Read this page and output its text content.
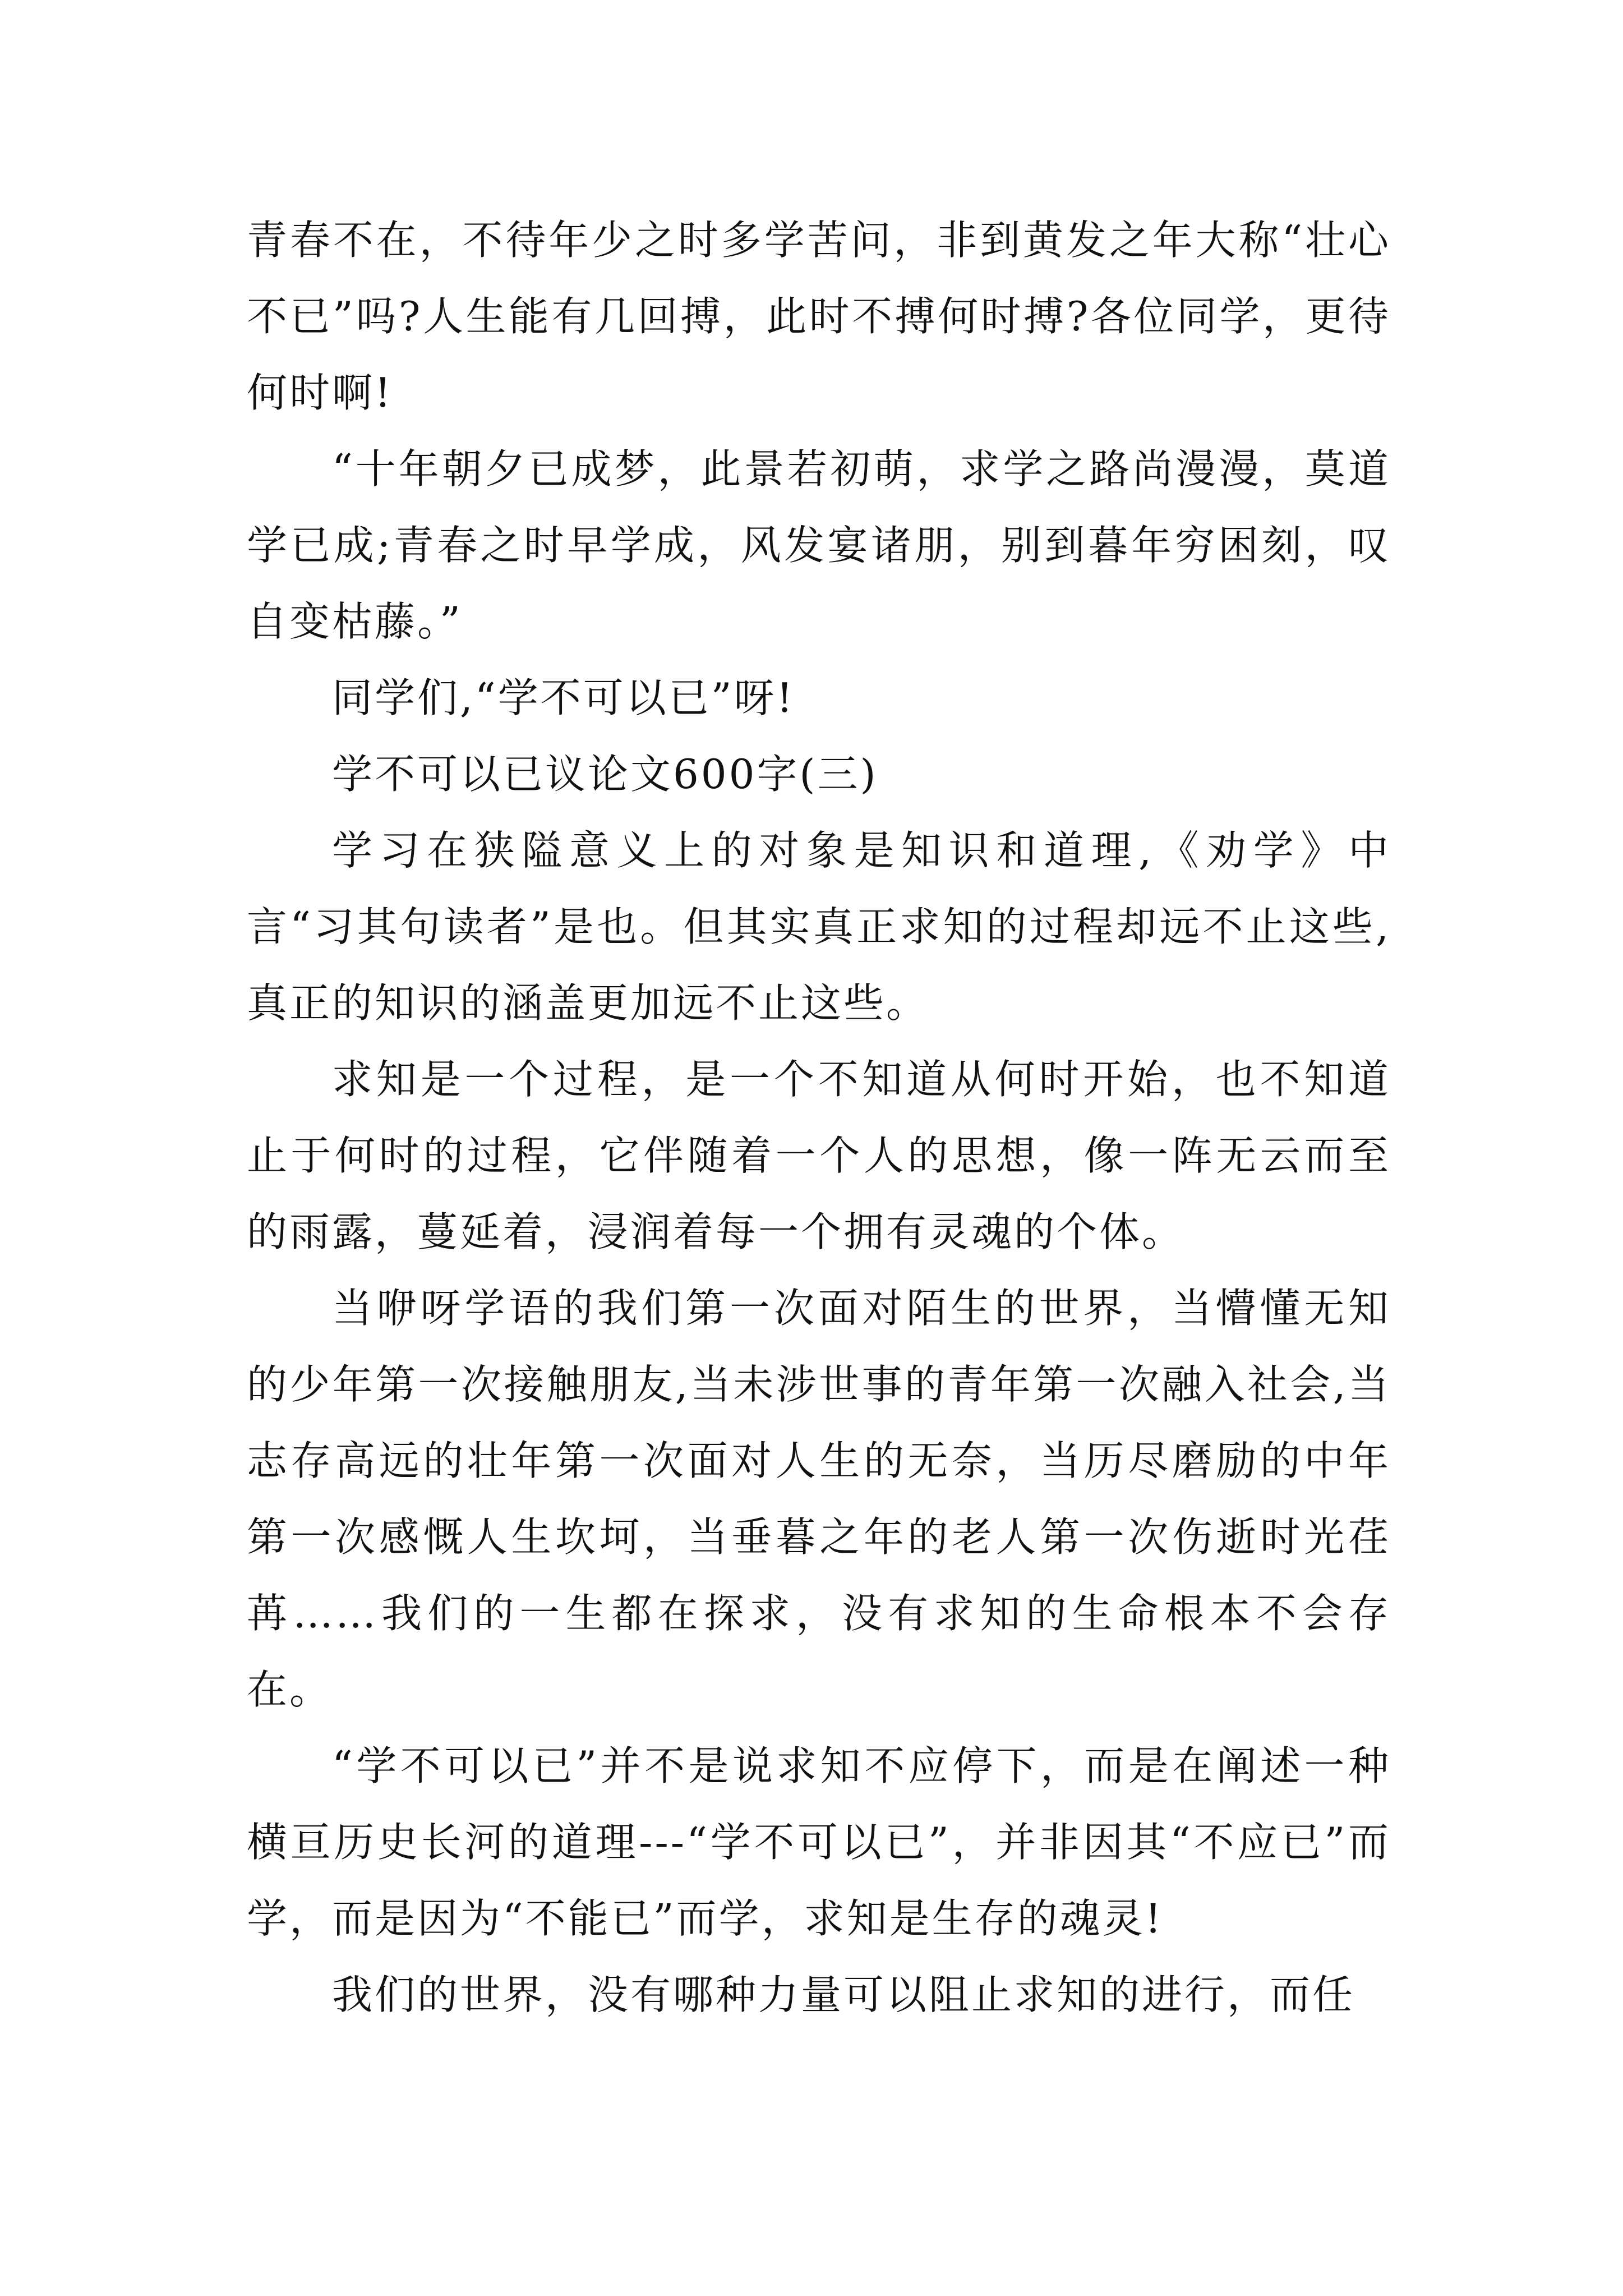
青春不在，不待年少之时多学苦问，非到黄发之年大称“壮心不已”吗?人生能有几回搏，此时不搏何时搏?各位同学，更待何时啊!

“十年朝夕已成梦，此景若初萌，求学之路尚漫漫，莫道学已成;青春之时早学成，风发宴诸朋，别到暮年穷困刻，叹自变枯藤。”

同学们,“学不可以已”呀!

学不可以已议论文600字(三)

学习在狭隘意义上的对象是知识和道理,《劝学》中言“习其句读者”是也。但其实真正求知的过程却远不止这些,真正的知识的涵盖更加远不止这些。

求知是一个过程，是一个不知道从何时开始，也不知道止于何时的过程，它伴随着一个人的思想，像一阵无云而至的雨露，蔓延着，浸润着每一个拥有灵魂的个体。

当咿呀学语的我们第一次面对陌生的世界，当懵懂无知的少年第一次接触朋友,当未涉世事的青年第一次融入社会,当志存高远的壮年第一次面对人生的无奈，当历尽磨励的中年第一次感慨人生坎坷，当垂暮之年的老人第一次伤逝时光荏苒……我们的一生都在探求，没有求知的生命根本不会存在。

“学不可以已”并不是说求知不应停下，而是在阐述一种横亘历史长河的道理---“学不可以已”，并非因其“不应已”而学，而是因为“不能已”而学，求知是生存的魂灵!

我们的世界，没有哪种力量可以阻止求知的进行，而任
